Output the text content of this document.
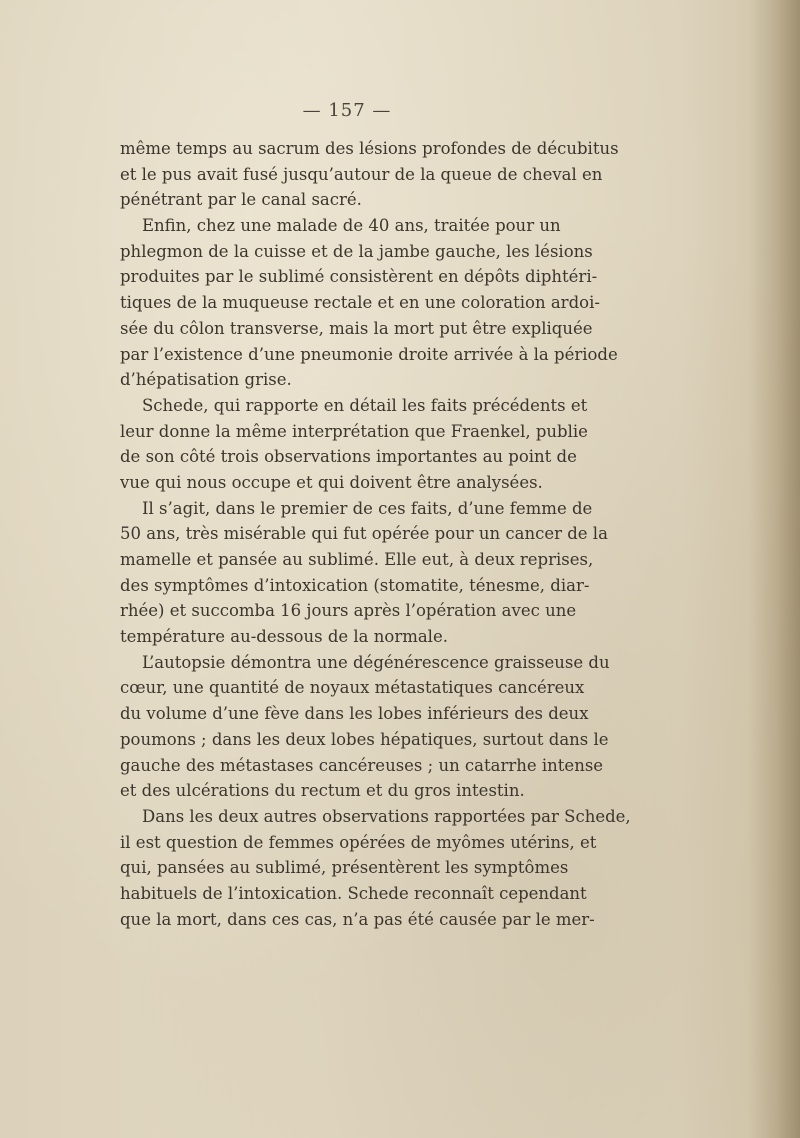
— 157 —
même temps au sacrum des lésions profondes de décubitus
et le pus avait fusé jusqu’autour de la queue de cheval en
pénétrant par le canal sacré.
Enfin, chez une malade de 40 ans, traitée pour un
phlegmon de la cuisse et de la jambe gauche, les lésions
produites par le sublimé consistèrent en dépôts diphtéri-
tiques de la muqueuse rectale et en une coloration ardoi-
sée du côlon transverse, mais la mort put être expliquée
par l’existence d’une pneumonie droite arrivée à la période
d’hépatisation grise.
Schede, qui rapporte en détail les faits précédents et
leur donne la même interprétation que Fraenkel, publie
de son côté trois observations importantes au point de
vue qui nous occupe et qui doivent être analysées.
Il s’agit, dans le premier de ces faits, d’une femme de
50 ans, très misérable qui fut opérée pour un cancer de la
mamelle et pansée au sublimé. Elle eut, à deux reprises,
des symptômes d’intoxication (stomatite, ténesme, diar-
rhée) et succomba 16 jours après l’opération avec une
température au-dessous de la normale.
L’autopsie démontra une dégénérescence graisseuse du
cœur, une quantité de noyaux métastatiques cancéreux
du volume d’une fève dans les lobes inférieurs des deux
poumons ; dans les deux lobes hépatiques, surtout dans le
gauche des métastases cancéreuses ; un catarrhe intense
et des ulcérations du rectum et du gros intestin.
Dans les deux autres observations rapportées par Schede,
il est question de femmes opérées de myômes utérins, et
qui, pansées au sublimé, présentèrent les symptômes
habituels de l’intoxication. Schede reconnaît cependant
que la mort, dans ces cas, n’a pas été causée par le mer-
